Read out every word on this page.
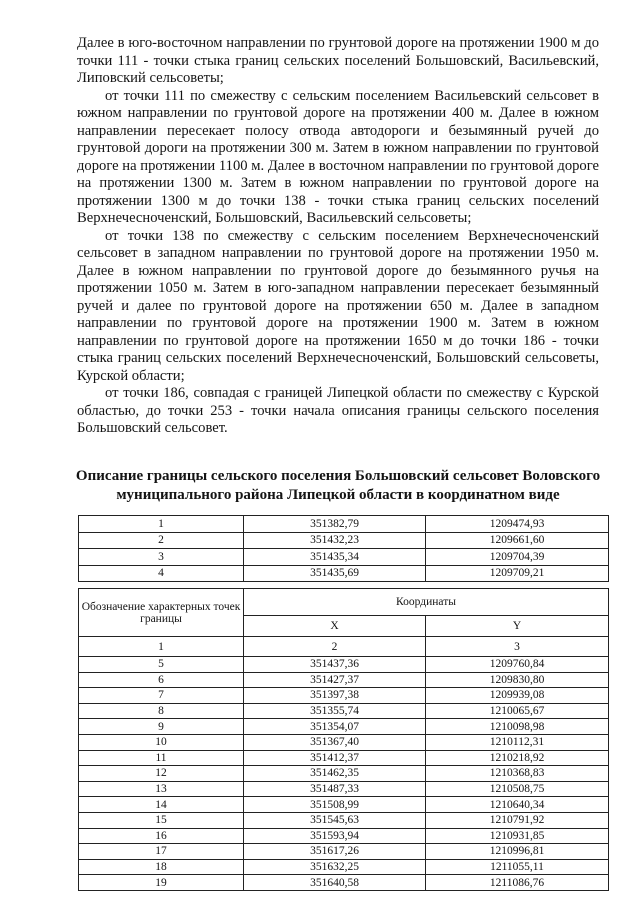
Далее в юго-восточном направлении по грунтовой дороге на протяжении 1900 м до точки 111 - точки стыка границ сельских поселений Большовский, Васильевский, Липовский сельсоветы;

от точки 111 по смежеству с сельским поселением Васильевский сельсовет в южном направлении по грунтовой дороге на протяжении 400 м. Далее в южном направлении пересекает полосу отвода автодороги и безымянный ручей до грунтовой дороги на протяжении 300 м. Затем в южном направлении по грунтовой дороге на протяжении 1100 м. Далее в восточном направлении по грунтовой дороге на протяжении 1300 м. Затем в южном направлении по грунтовой дороге на протяжении 1300 м до точки 138 - точки стыка границ сельских поселений Верхнечесноченский, Большовский, Васильевский сельсоветы;

от точки 138 по смежеству с сельским поселением Верхнечесноченский сельсовет в западном направлении по грунтовой дороге на протяжении 1950 м. Далее в южном направлении по грунтовой дороге до безымянного ручья на протяжении 1050 м. Затем в юго-западном направлении пересекает безымянный ручей и далее по грунтовой дороге на протяжении 650 м. Далее в западном направлении по грунтовой дороге на протяжении 1900 м. Затем в южном направлении по грунтовой дороге на протяжении 1650 м до точки 186 - точки стыка границ сельских поселений Верхнечесноченский, Большовский сельсоветы, Курской области;

от точки 186, совпадая с границей Липецкой области по смежеству с Курской областью, до точки 253 - точки начала описания границы сельского поселения Большовский сельсовет.

Описание границы сельского поселения Большовский сельсовет Воловского муниципального района Липецкой области в координатном виде
1	351382,79	1209474,93
2	351432,23	1209661,60
3	351435,34	1209704,39
4	351435,69	1209709,21
Обозначение характерных точек границы	Координаты	
	X	Y
1	2	3
5	351437,36	1209760,84
6	351427,37	1209830,80
7	351397,38	1209939,08
8	351355,74	1210065,67
9	351354,07	1210098,98
10	351367,40	1210112,31
11	351412,37	1210218,92
12	351462,35	1210368,83
13	351487,33	1210508,75
14	351508,99	1210640,34
15	351545,63	1210791,92
16	351593,94	1210931,85
17	351617,26	1210996,81
18	351632,25	1211055,11
19	351640,58	1211086,76
